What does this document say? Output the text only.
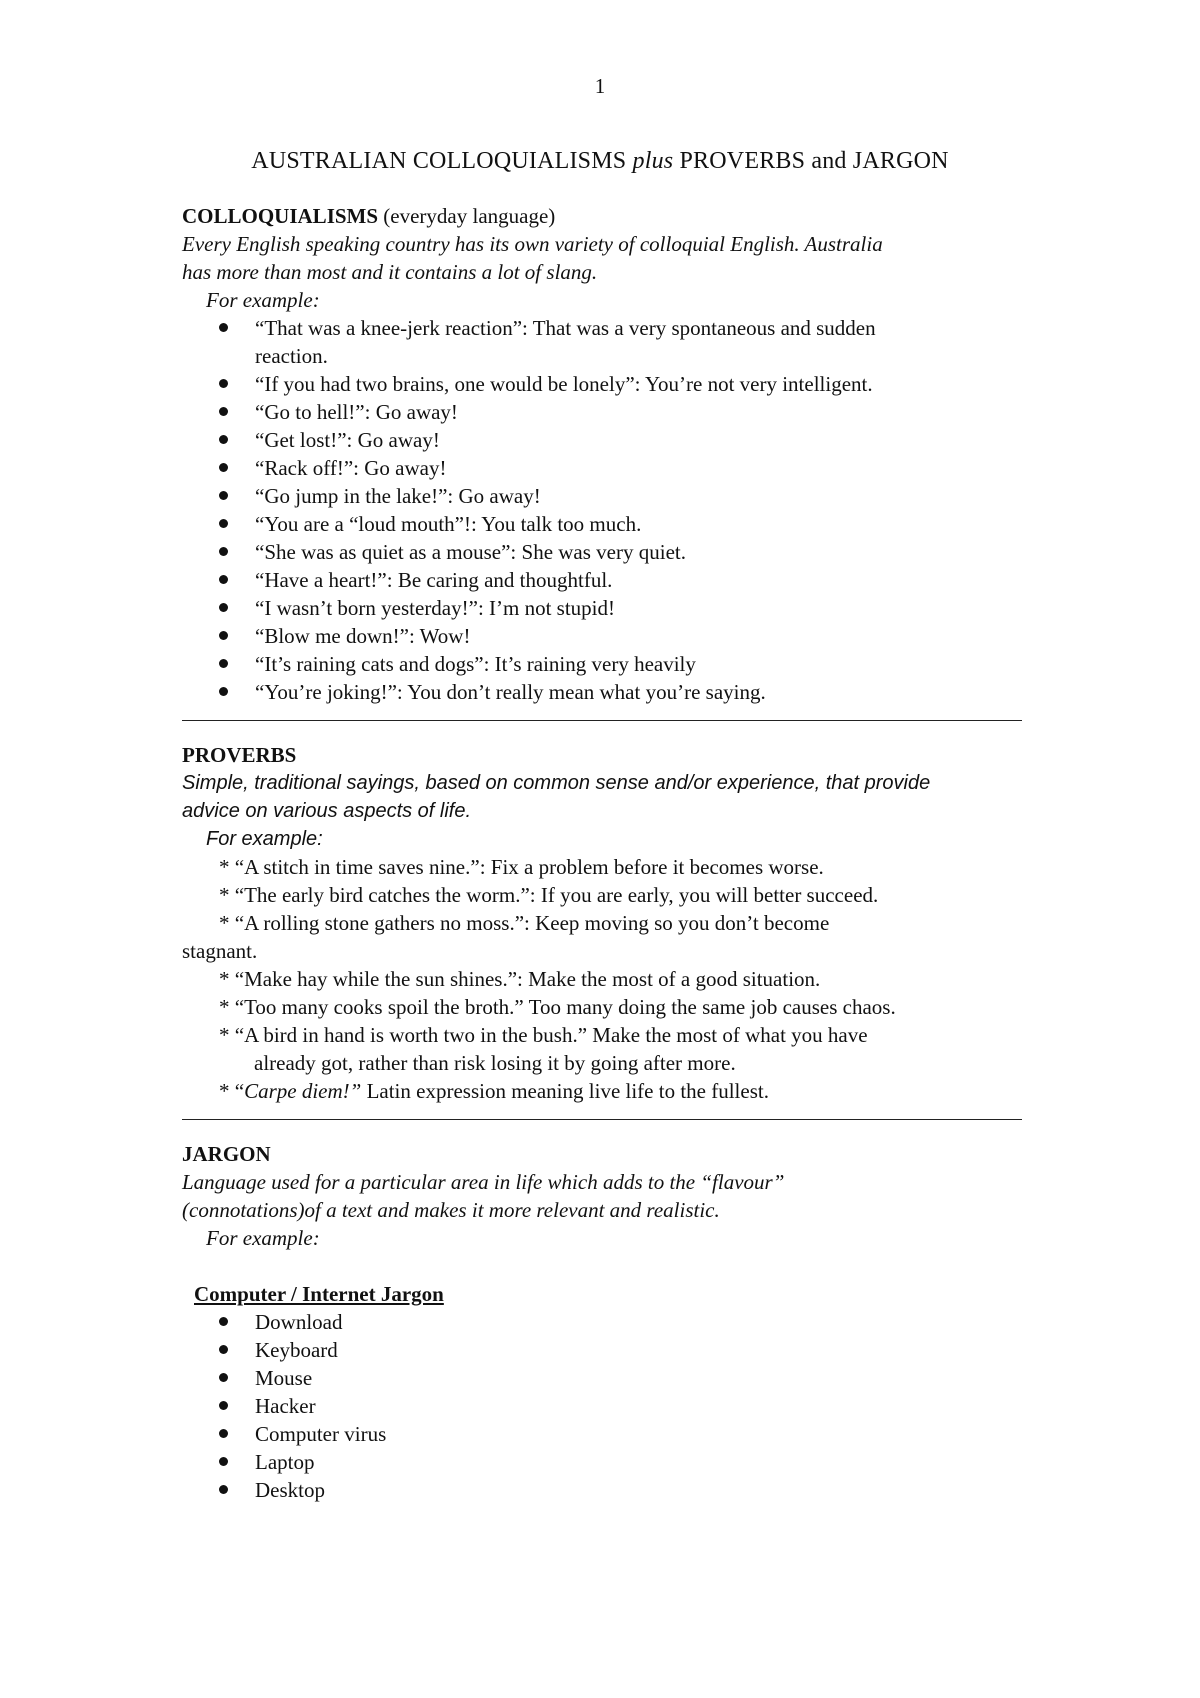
1
AUSTRALIAN COLLOQUIALISMS plus PROVERBS and JARGON
COLLOQUIALISMS (everyday language)
Every English speaking country has its own variety of colloquial English. Australia
has more than most and it contains a lot of slang.
For example:
“That was a knee-jerk reaction”: That was a very spontaneous and sudden
reaction.
“If you had two brains, one would be lonely”: You’re not very intelligent.
“Go to hell!”: Go away!
“Get lost!”: Go away!
“Rack off!”: Go away!
“Go jump in the lake!”: Go away!
“You are a “loud mouth”!: You talk too much.
“She was as quiet as a mouse”: She was very quiet.
“Have a heart!”: Be caring and thoughtful.
“I wasn’t born yesterday!”: I’m not stupid!
“Blow me down!”: Wow!
“It’s raining cats and dogs”: It’s raining very heavily
“You’re joking!”: You don’t really mean what you’re saying.
PROVERBS
Simple, traditional sayings, based on common sense and/or experience, that provide
advice on various aspects of life.
For example:
* “A stitch in time saves nine.”: Fix a problem before it becomes worse.
* “The early bird catches the worm.”: If you are early, you will better succeed.
* “A rolling stone gathers no moss.”: Keep moving so you don’t become
stagnant.
* “Make hay while the sun shines.”: Make the most of a good situation.
* “Too many cooks spoil the broth.” Too many doing the same job causes chaos.
* “A bird in hand is worth two in the bush.” Make the most of what you have
already got, rather than risk losing it by going after more.
* “Carpe diem!” Latin expression meaning live life to the fullest.
JARGON
Language used for a particular area in life which adds to the “flavour”
(connotations)of a text and makes it more relevant and realistic.
For example:
Computer / Internet Jargon
Download
Keyboard
Mouse
Hacker
Computer virus
Laptop
Desktop
